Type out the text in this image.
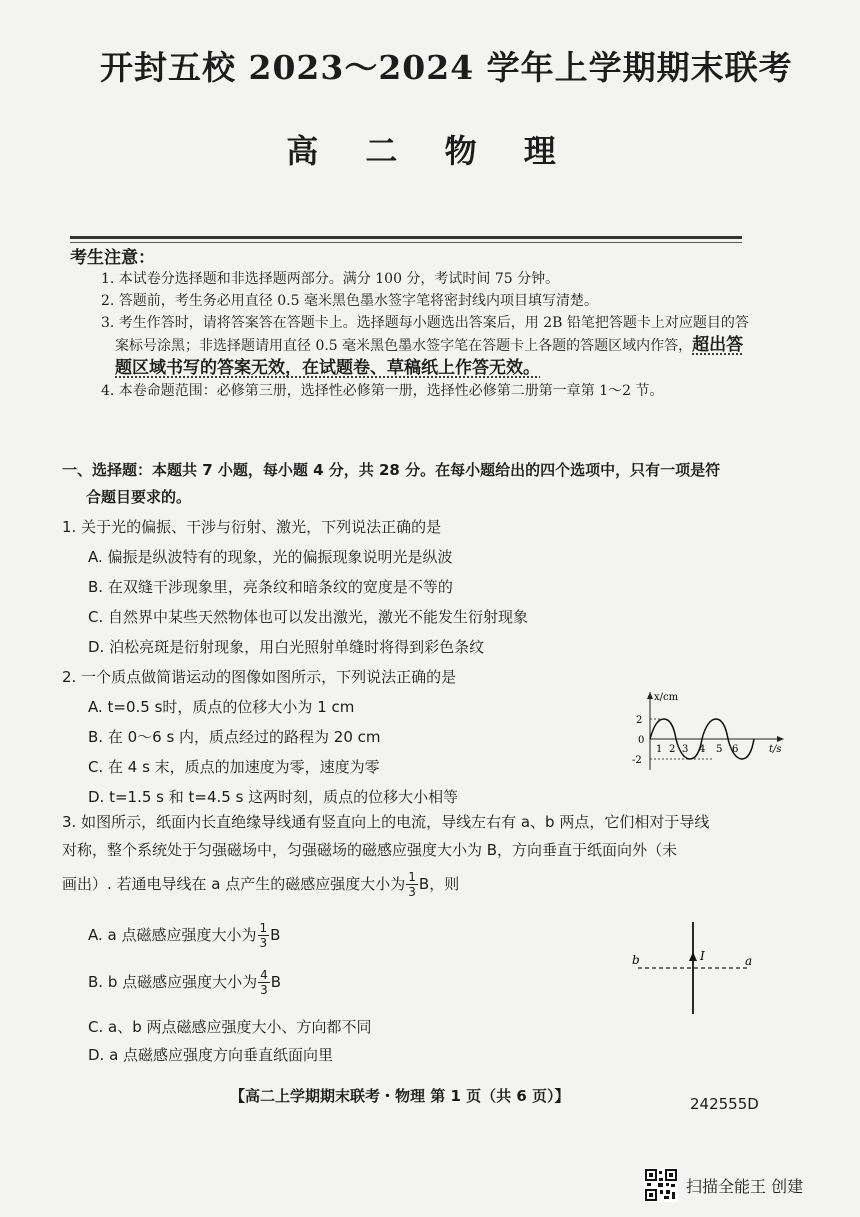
开封五校 2023～2024 学年上学期期末联考
高 二 物 理
考生注意：
1. 本试卷分选择题和非选择题两部分。满分 100 分，考试时间 75 分钟。
2. 答题前，考生务必用直径 0.5 毫米黑色墨水签字笔将密封线内项目填写清楚。
3. 考生作答时，请将答案答在答题卡上。选择题每小题选出答案后，用 2B 铅笔把答题卡上对应题目的答案标号涂黑；非选择题请用直径 0.5 毫米黑色墨水签字笔在答题卡上各题的答题区域内作答，超出答题区域书写的答案无效，在试题卷、草稿纸上作答无效。
4. 本卷命题范围：必修第三册，选择性必修第一册，选择性必修第二册第一章第 1～2 节。
一、选择题：本题共 7 小题，每小题 4 分，共 28 分。在每小题给出的四个选项中，只有一项是符
合题目要求的。
1. 关于光的偏振、干涉与衍射、激光，下列说法正确的是
A. 偏振是纵波特有的现象，光的偏振现象说明光是纵波
B. 在双缝干涉现象里，亮条纹和暗条纹的宽度是不等的
C. 自然界中某些天然物体也可以发出激光，激光不能发生衍射现象
D. 泊松亮斑是衍射现象，用白光照射单缝时将得到彩色条纹
2. 一个质点做简谐运动的图像如图所示，下列说法正确的是
A. t=0.5 s时，质点的位移大小为 1 cm
B. 在 0～6 s 内，质点经过的路程为 20 cm
C. 在 4 s 末，质点的加速度为零，速度为零
D. t=1.5 s 和 t=4.5 s 这两时刻，质点的位移大小相等
x/cm
t/s
2
0
-2
1 2 3 4 5 6
3. 如图所示，纸面内长直绝缘导线通有竖直向上的电流，导线左右有 a、b 两点，它们相对于导线
对称，整个系统处于匀强磁场中，匀强磁场的磁感应强度大小为 B，方向垂直于纸面向外（未
画出）. 若通电导线在 a 点产生的磁感应强度大小为 $\frac{1}{3}$ B，则
A. a 点磁感应强度大小为 $\frac{1}{3}$ B
B. b 点磁感应强度大小为 $\frac{4}{3}$ B
C. a、b 两点磁感应强度大小、方向都不同
D. a 点磁感应强度方向垂直纸面向里
b	a
I
【高二上学期期末联考・物理 第 1 页（共 6 页）】	242555D
扫描全能王 创建
